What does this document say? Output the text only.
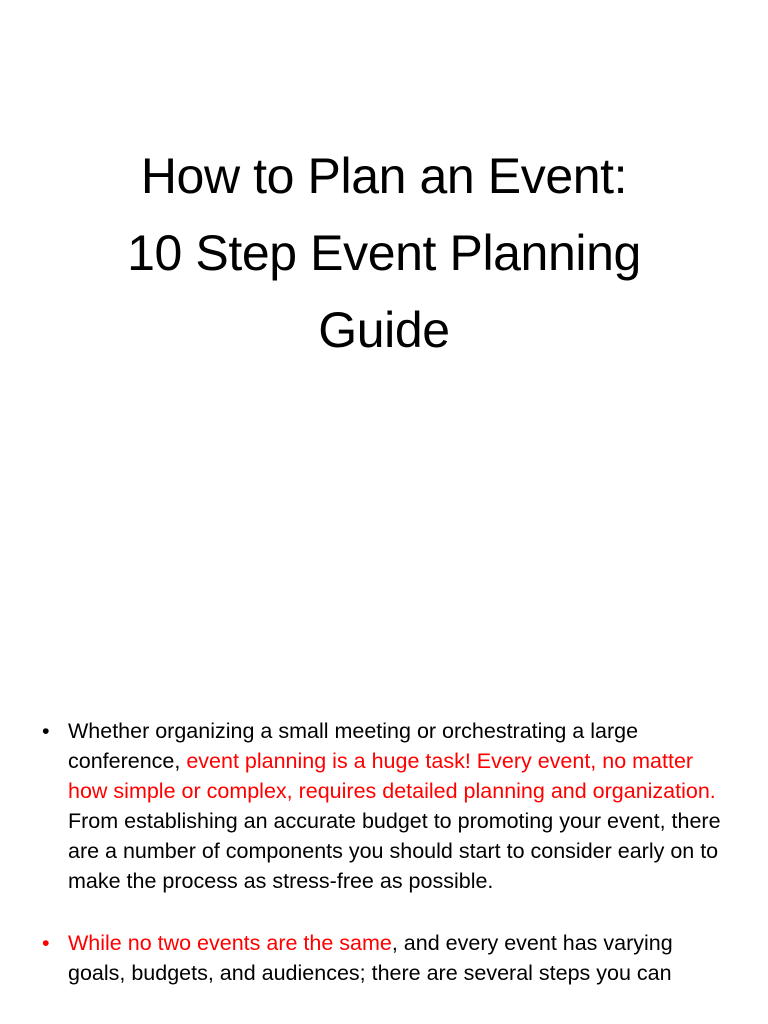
How to Plan an Event:
10 Step Event Planning
Guide
• Whether organizing a small meeting or orchestrating a large conference, event planning is a huge task! Every event, no matter how simple or complex, requires detailed planning and organization. From establishing an accurate budget to promoting your event, there are a number of components you should start to consider early on to make the process as stress-free as possible.
• While no two events are the same, and every event has varying goals, budgets, and audiences; there are several steps you can
